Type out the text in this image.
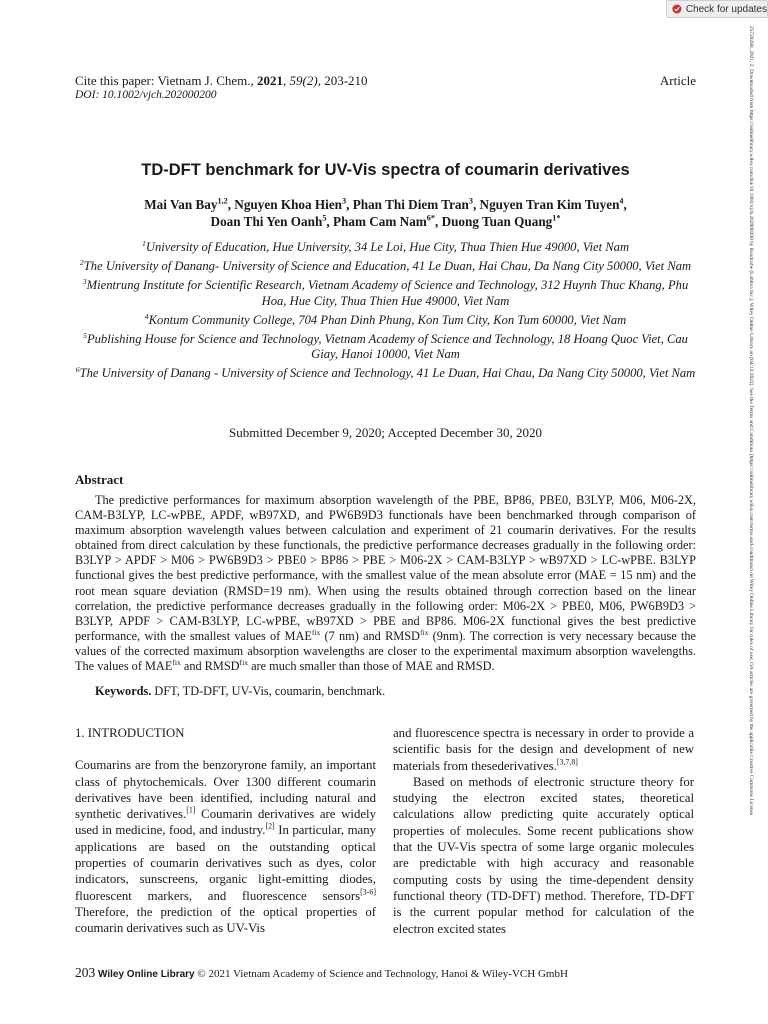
Check for updates
25728288, 2021, 2, Downloaded from https://onlinelibrary.wiley.com/doi/10.1002/vjch.202000200 by Readcube (Labtiva Inc.), Wiley Online Library on [04/12/2022]. See the Terms and Conditions (https://onlinelibrary.wiley.com/terms-and-conditions) on Wiley Online Library for rules of use; OA articles are governed by the applicable Creative Commons License
Cite this paper: Vietnam J. Chem., 2021, 59(2), 203-210
DOI: 10.1002/vjch.202000200
Article
TD-DFT benchmark for UV-Vis spectra of coumarin derivatives
Mai Van Bay$^{1,2}$, Nguyen Khoa Hien$^3$, Phan Thi Diem Tran$^3$, Nguyen Tran Kim Tuyen$^4$,
Doan Thi Yen Oanh$^5$, Pham Cam Nam$^{6*}$, Duong Tuan Quang$^{1*}$
$^1$University of Education, Hue University, 34 Le Loi, Hue City, Thua Thien Hue 49000, Viet Nam
$^2$The University of Danang- University of Science and Education, 41 Le Duan, Hai Chau, Da Nang City 50000, Viet Nam
$^3$Mientrung Institute for Scientific Research, Vietnam Academy of Science and Technology, 312 Huynh Thuc Khang, Phu Hoa, Hue City, Thua Thien Hue 49000, Viet Nam
$^4$Kontum Community College, 704 Phan Dinh Phung, Kon Tum City, Kon Tum 60000, Viet Nam
$^5$Publishing House for Science and Technology, Vietnam Academy of Science and Technology, 18 Hoang Quoc Viet, Cau Giay, Hanoi 10000, Viet Nam
$^6$The University of Danang - University of Science and Technology, 41 Le Duan, Hai Chau, Da Nang City 50000, Viet Nam
Submitted December 9, 2020; Accepted December 30, 2020
Abstract
The predictive performances for maximum absorption wavelength of the PBE, BP86, PBE0, B3LYP, M06, M06-2X, CAM-B3LYP, LC-wPBE, APDF, wB97XD, and PW6B9D3 functionals have been benchmarked through comparison of maximum absorption wavelength values between calculation and experiment of 21 coumarin derivatives. For the results obtained from direct calculation by these functionals, the predictive performance decreases gradually in the following order: B3LYP > APDF > M06 > PW6B9D3 > PBE0 > BP86 > PBE > M06-2X > CAM-B3LYP > wB97XD > LC-wPBE. B3LYP functional gives the best predictive performance, with the smallest value of the mean absolute error (MAE = 15 nm) and the root mean square deviation (RMSD=19 nm). When using the results obtained through correction based on the linear correlation, the predictive performance decreases gradually in the following order: M06-2X > PBE0, M06, PW6B9D3 > B3LYP, APDF > CAM-B3LYP, LC-wPBE, wB97XD > PBE and BP86. M06-2X functional gives the best predictive performance, with the smallest values of $MAE^{fix}$ (7 nm) and $RMSD^{fix}$ (9nm). The correction is very necessary because the values of the corrected maximum absorption wavelengths are closer to the experimental maximum absorption wavelengths. The values of $MAE^{fix}$ and $RMSD^{fix}$ are much smaller than those of MAE and RMSD.
Keywords. DFT, TD-DFT, UV-Vis, coumarin, benchmark.
1. INTRODUCTION

Coumarins are from the benzoryrone family, an important class of phytochemicals. Over 1300 different coumarin derivatives have been identified, including natural and synthetic derivatives.[1] Coumarin derivatives are widely used in medicine, food, and industry.[2] In particular, many applications are based on the outstanding optical properties of coumarin derivatives such as dyes, color indicators, sunscreens, organic light-emitting diodes, fluorescent markers, and fluorescence sensors[3-6] Therefore, the prediction of the optical properties of coumarin derivatives such as UV-Vis

and fluorescence spectra is necessary in order to provide a scientific basis for the design and development of new materials from thesederivatives.[3,7,8]

Based on methods of electronic structure theory for studying the electron excited states, theoretical calculations allow predicting quite accurately optical properties of molecules. Some recent publications show that the UV-Vis spectra of some large organic molecules are predictable with high accuracy and reasonable computing costs by using the time-dependent density functional theory (TD-DFT) method. Therefore, TD-DFT is the current popular method for calculation of the electron excited states

203 Wiley Online Library © 2021 Vietnam Academy of Science and Technology, Hanoi & Wiley-VCH GmbH
